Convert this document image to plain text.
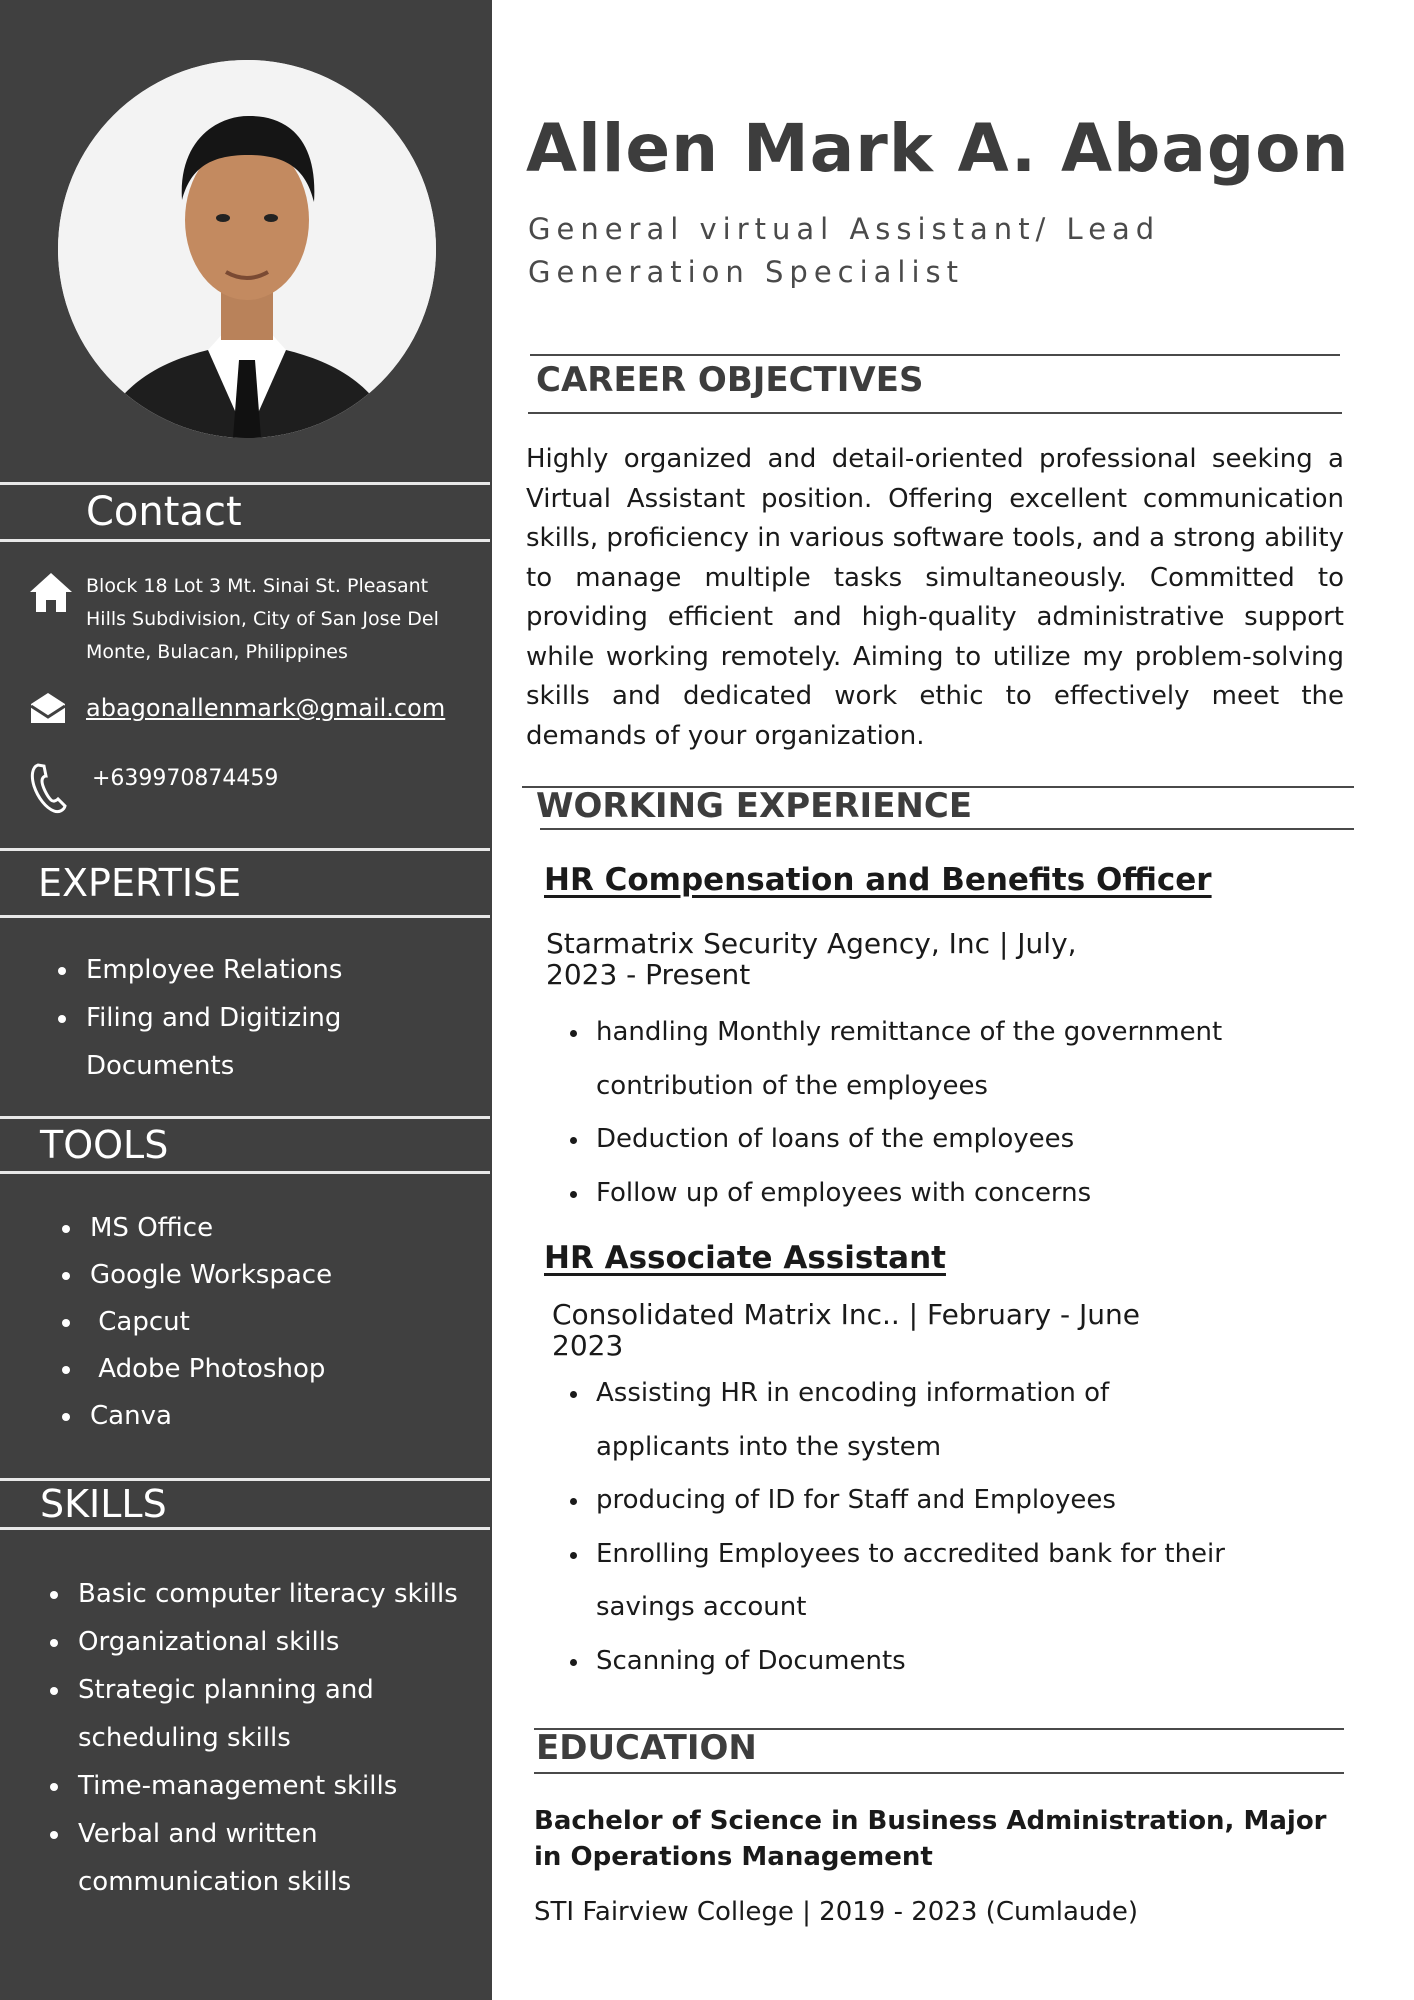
Contact
Block 18 Lot 3 Mt. Sinai St. Pleasant Hills Subdivision, City of San Jose Del Monte, Bulacan, Philippines
abagonallenmark@gmail.com
+639970874459
EXPERTISE
Employee Relations
Filing and Digitizing Documents
TOOLS
MS Office
Google Workspace
Capcut
Adobe Photoshop
Canva
SKILLS
Basic computer literacy skills
Organizational skills
Strategic planning and scheduling skills
Time-management skills
Verbal and written communication skills
Allen Mark A. Abagon
General virtual Assistant/ Lead Generation Specialist
CAREER OBJECTIVES

Highly organized and detail-oriented professional seeking a Virtual Assistant position. Offering excellent communication skills, proficiency in various software tools, and a strong ability to manage multiple tasks simultaneously. Committed to providing efficient and high-quality administrative support while working remotely. Aiming to utilize my problem-solving skills and dedicated work ethic to effectively meet the demands of your organization.

WORKING EXPERIENCE
HR Compensation and Benefits Officer
Starmatrix Security Agency, Inc | July, 2023 - Present
handling Monthly remittance of the government contribution of the employees
Deduction of loans of the employees
Follow up of employees with concerns
HR Associate Assistant
Consolidated Matrix Inc.. | February - June 2023
Assisting HR in encoding information of applicants into the system
producing of ID for Staff and Employees
Enrolling Employees to accredited bank for their savings account
Scanning of Documents
EDUCATION
Bachelor of Science in Business Administration, Major in Operations Management
STI Fairview College | 2019 - 2023 (Cumlaude)
